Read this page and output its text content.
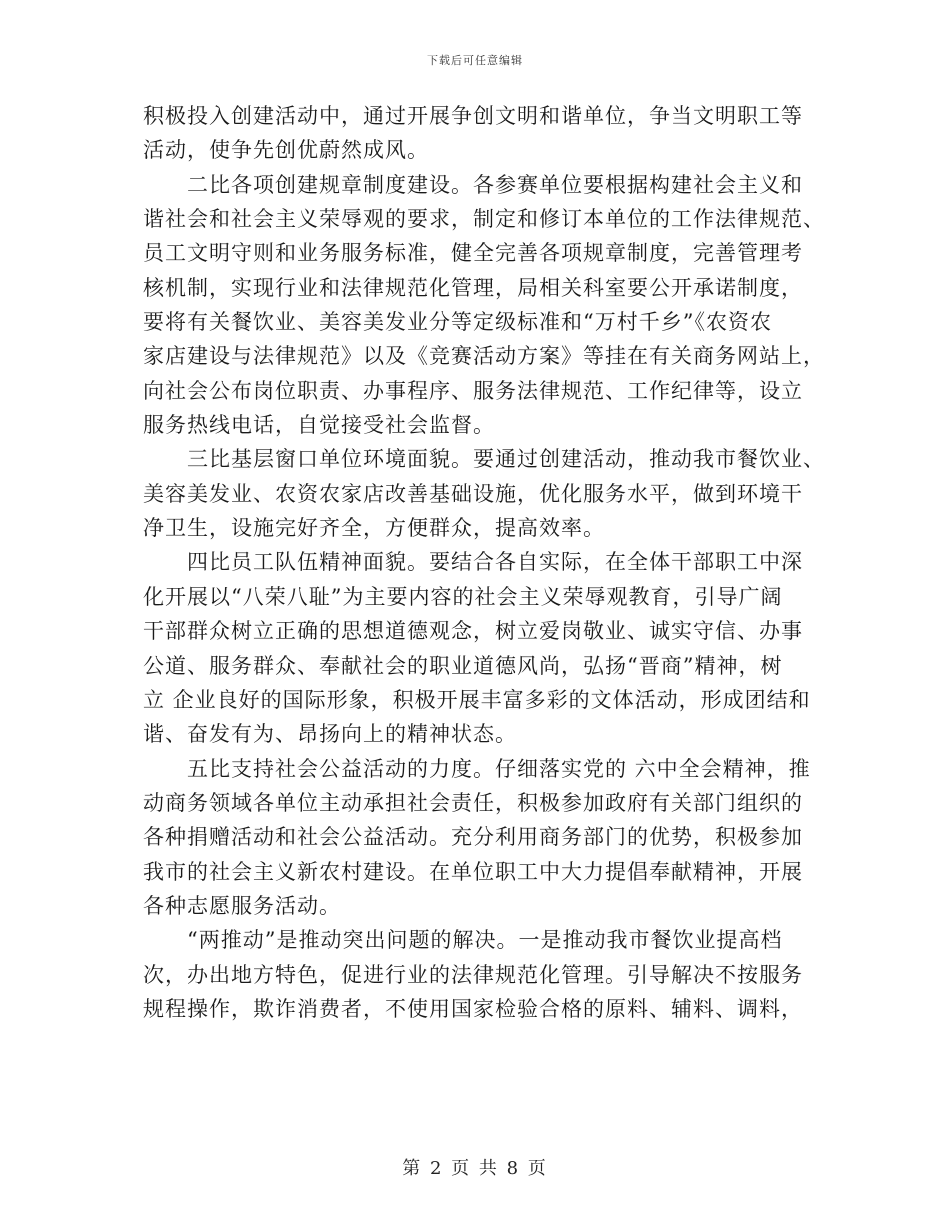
下载后可任意编辑
积极投入创建活动中，通过开展争创文明和谐单位，争当文明职工等
活动，使争先创优蔚然成风。
　　二比各项创建规章制度建设。各参赛单位要根据构建社会主义和
谐社会和社会主义荣辱观的要求，制定和修订本单位的工作法律规范、
员工文明守则和业务服务标准，健全完善各项规章制度，完善管理考
核机制，实现行业和法律规范化管理，局相关科室要公开承诺制度，
要将有关餐饮业、美容美发业分等定级标准和“万村千乡”《农资农
家店建设与法律规范》以及《竞赛活动方案》等挂在有关商务网站上，
向社会公布岗位职责、办事程序、服务法律规范、工作纪律等，设立
服务热线电话，自觉接受社会监督。
　　三比基层窗口单位环境面貌。要通过创建活动，推动我市餐饮业、
美容美发业、农资农家店改善基础设施，优化服务水平，做到环境干
净卫生，设施完好齐全，方便群众，提高效率。
　　四比员工队伍精神面貌。要结合各自实际，在全体干部职工中深
化开展以“八荣八耻”为主要内容的社会主义荣辱观教育，引导广阔
干部群众树立正确的思想道德观念，树立爱岗敬业、诚实守信、办事
公道、服务群众、奉献社会的职业道德风尚，弘扬“晋商”精神，树
立 企业良好的国际形象，积极开展丰富多彩的文体活动，形成团结和
谐、奋发有为、昂扬向上的精神状态。
　　五比支持社会公益活动的力度。仔细落实党的 六中全会精神，推
动商务领域各单位主动承担社会责任，积极参加政府有关部门组织的
各种捐赠活动和社会公益活动。充分利用商务部门的优势，积极参加
我市的社会主义新农村建设。在单位职工中大力提倡奉献精神，开展
各种志愿服务活动。
　　“两推动”是推动突出问题的解决。一是推动我市餐饮业提高档
次，办出地方特色，促进行业的法律规范化管理。引导解决不按服务
规程操作，欺诈消费者，不使用国家检验合格的原料、辅料、调料，
第 2 页 共 8 页
